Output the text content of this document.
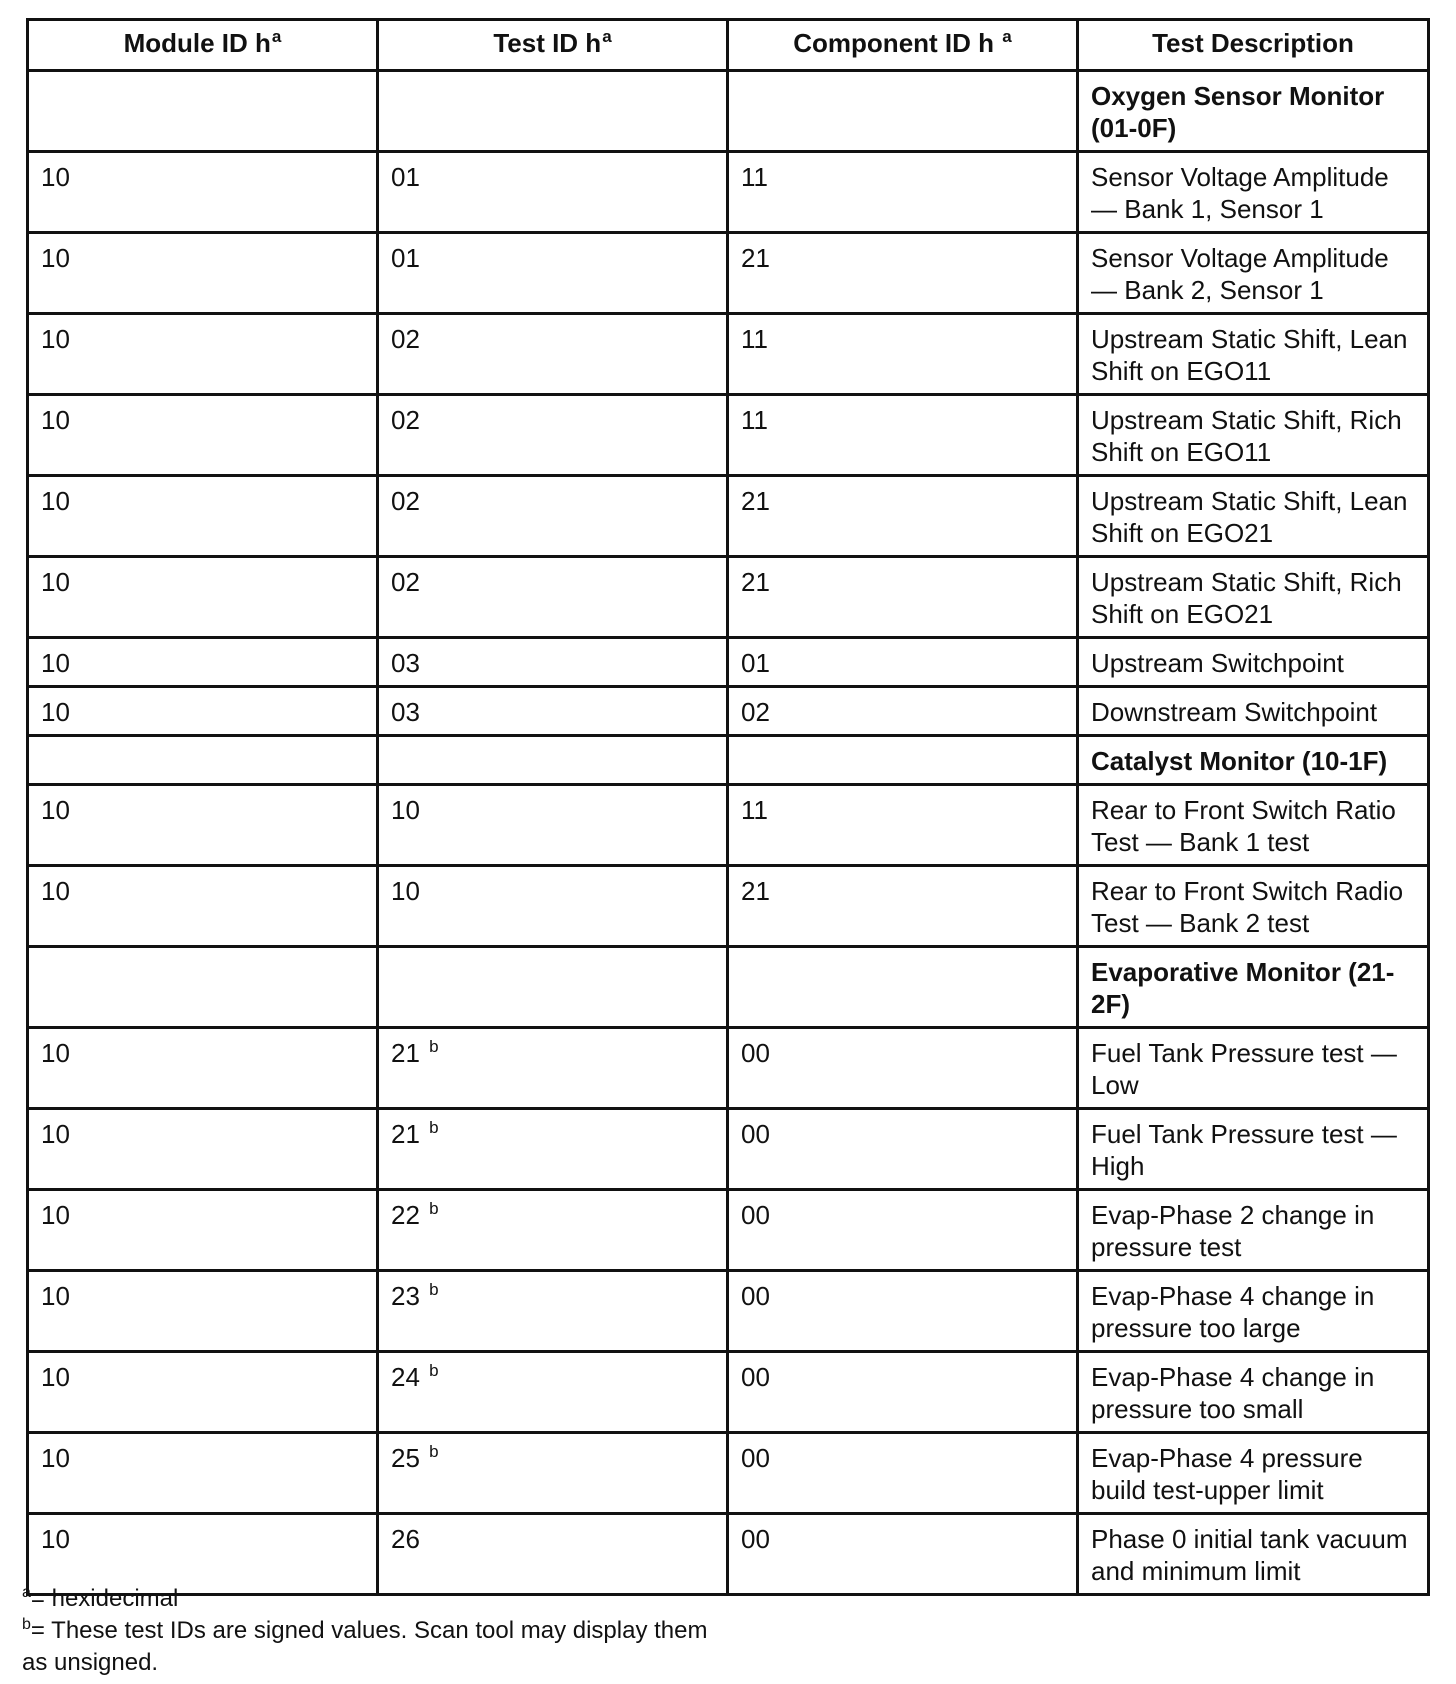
Module ID $h^a$	Test ID $h^a$	Component ID h $^a$	Test Description
			Oxygen Sensor Monitor (01-0F)
10	01	11	Sensor Voltage Amplitude — Bank 1, Sensor 1
10	01	21	Sensor Voltage Amplitude — Bank 2, Sensor 1
10	02	11	Upstream Static Shift, Lean Shift on EGO11
10	02	11	Upstream Static Shift, Rich Shift on EGO11
10	02	21	Upstream Static Shift, Lean Shift on EGO21
10	02	21	Upstream Static Shift, Rich Shift on EGO21
10	03	01	Upstream Switchpoint
10	03	02	Downstream Switchpoint
			Catalyst Monitor (10-1F)
10	10	11	Rear to Front Switch Ratio Test — Bank 1 test
10	10	21	Rear to Front Switch Radio Test — Bank 2 test
			Evaporative Monitor (21-2F)
10	21 $^b$	00	Fuel Tank Pressure test — Low
10	21 $^b$	00	Fuel Tank Pressure test — High
10	22 $^b$	00	Evap-Phase 2 change in pressure test
10	23 $^b$	00	Evap-Phase 4 change in pressure too large
10	24 $^b$	00	Evap-Phase 4 change in pressure too small
10	25 $^b$	00	Evap-Phase 4 pressure build test-upper limit
10	26	00	Phase 0 initial tank vacuum and minimum limit
$^a$= hexidecimal
$^b$= These test IDs are signed values. Scan tool may display them as unsigned.
